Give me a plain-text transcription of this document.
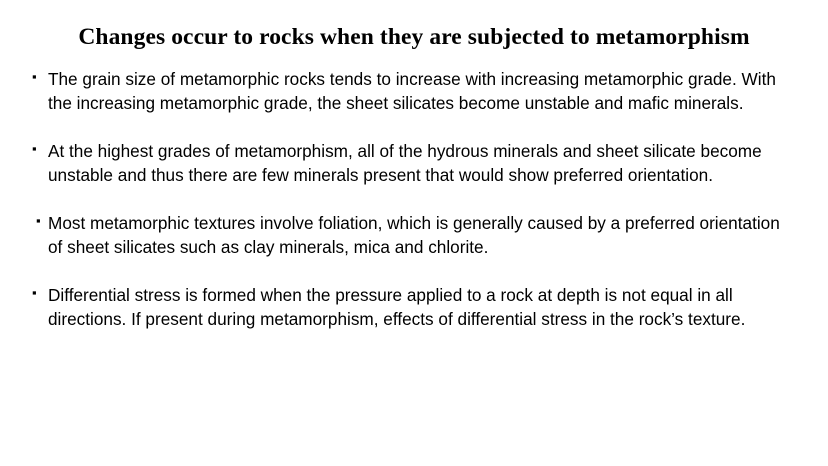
Changes occur to rocks when they are subjected to metamorphism
▪ The grain size of metamorphic rocks tends to increase with increasing metamorphic grade. With the increasing metamorphic grade, the sheet silicates become unstable and mafic minerals.
▪ At the highest grades of metamorphism, all of the hydrous minerals and sheet silicate become unstable and thus there are few minerals present that would show preferred orientation.
▪ Most metamorphic textures involve foliation, which is generally caused by a preferred orientation of sheet silicates such as clay minerals, mica and chlorite.
▪ Differential stress is formed when the pressure applied to a rock at depth is not equal in all directions. If present during metamorphism, effects of differential stress in the rock’s texture.
